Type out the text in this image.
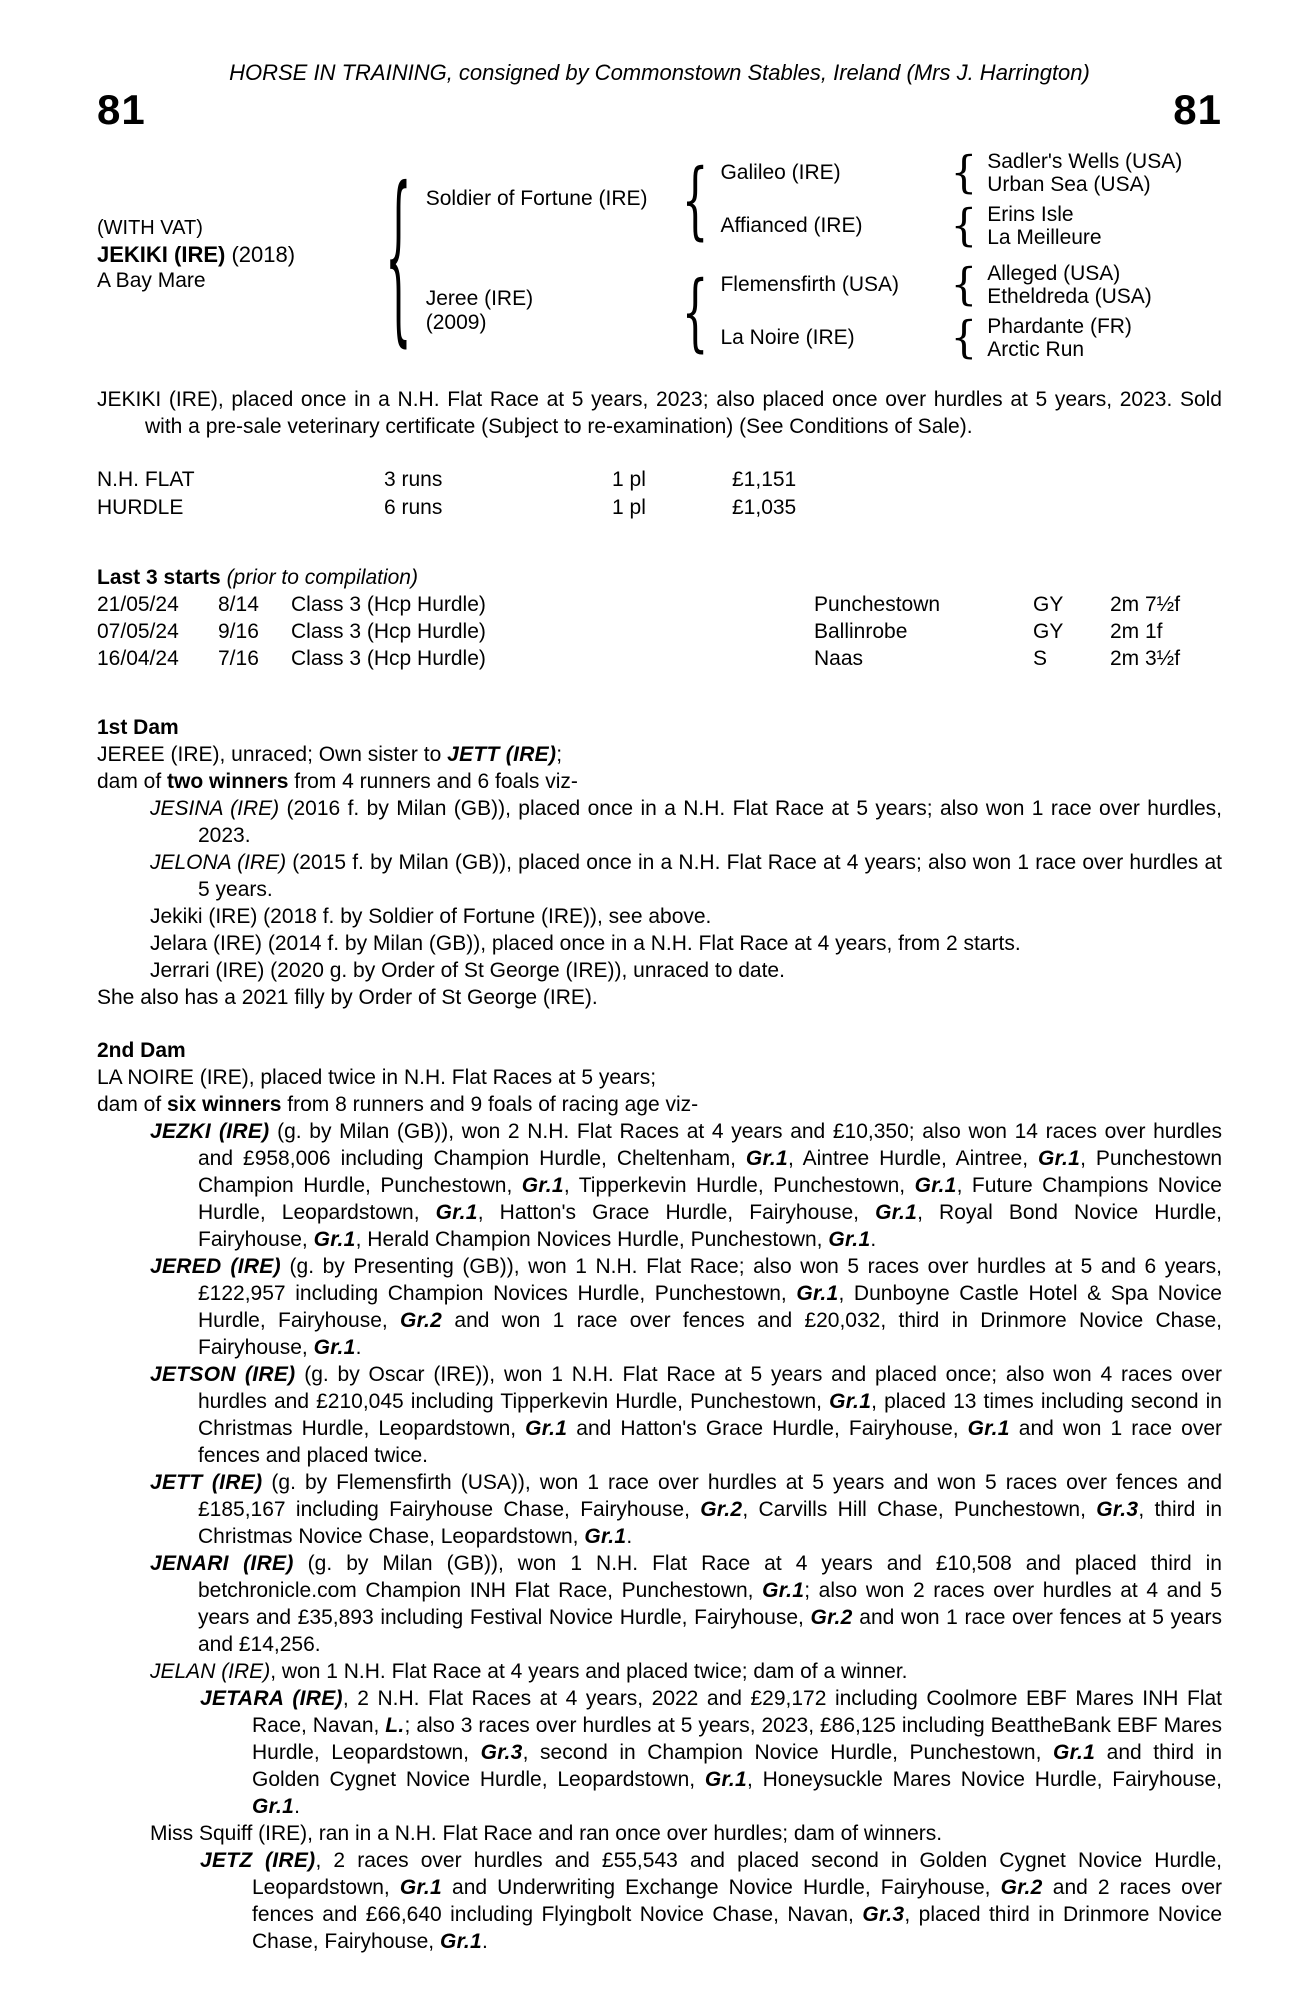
HORSE IN TRAINING, consigned by Commonstown Stables, Ireland (Mrs J. Harrington)
81	81
(WITH VAT)
JEKIKI (IRE) (2018)
A Bay Mare	{ Soldier of Fortune (IRE) { Galileo (IRE)	{ Sadler's Wells (USA)
Urban Sea (USA)
Affianced (IRE)	{ Erins Isle
La Meilleure
Jeree (IRE)
(2009)	{ Flemensfirth (USA)	{ Alleged (USA)
Etheldreda (USA)
La Noire (IRE)	{ Phardante (FR)
Arctic Run

JEKIKI (IRE), placed once in a N.H. Flat Race at 5 years, 2023; also placed once over hurdles at 5 years, 2023. Sold with a pre-sale veterinary certificate (Subject to re-examination) (See Conditions of Sale).

N.H. FLAT	3 runs	1 pl	£1,151
HURDLE	6 runs	1 pl	£1,035
Last 3 starts (prior to compilation)
21/05/24	8/14	Class 3 (Hcp Hurdle)	Punchestown	GY	2m 7½f
07/05/24	9/16	Class 3 (Hcp Hurdle)	Ballinrobe	GY	2m 1f
16/04/24	7/16	Class 3 (Hcp Hurdle)	Naas	S	2m 3½f
1st Dam

JEREE (IRE), unraced; Own sister to JETT (IRE);

dam of two winners from 4 runners and 6 foals viz-

JESINA (IRE) (2016 f. by Milan (GB)), placed once in a N.H. Flat Race at 5 years; also won 1 race over hurdles, 2023.

JELONA (IRE) (2015 f. by Milan (GB)), placed once in a N.H. Flat Race at 4 years; also won 1 race over hurdles at 5 years.

Jekiki (IRE) (2018 f. by Soldier of Fortune (IRE)), see above.

Jelara (IRE) (2014 f. by Milan (GB)), placed once in a N.H. Flat Race at 4 years, from 2 starts.

Jerrari (IRE) (2020 g. by Order of St George (IRE)), unraced to date.

She also has a 2021 filly by Order of St George (IRE).

2nd Dam

LA NOIRE (IRE), placed twice in N.H. Flat Races at 5 years;

dam of six winners from 8 runners and 9 foals of racing age viz-

JEZKI (IRE) (g. by Milan (GB)), won 2 N.H. Flat Races at 4 years and £10,350; also won 14 races over hurdles and £958,006 including Champion Hurdle, Cheltenham, Gr.1, Aintree Hurdle, Aintree, Gr.1, Punchestown Champion Hurdle, Punchestown, Gr.1, Tipperkevin Hurdle, Punchestown, Gr.1, Future Champions Novice Hurdle, Leopardstown, Gr.1, Hatton's Grace Hurdle, Fairyhouse, Gr.1, Royal Bond Novice Hurdle, Fairyhouse, Gr.1, Herald Champion Novices Hurdle, Punchestown, Gr.1.

JERED (IRE) (g. by Presenting (GB)), won 1 N.H. Flat Race; also won 5 races over hurdles at 5 and 6 years, £122,957 including Champion Novices Hurdle, Punchestown, Gr.1, Dunboyne Castle Hotel & Spa Novice Hurdle, Fairyhouse, Gr.2 and won 1 race over fences and £20,032, third in Drinmore Novice Chase, Fairyhouse, Gr.1.

JETSON (IRE) (g. by Oscar (IRE)), won 1 N.H. Flat Race at 5 years and placed once; also won 4 races over hurdles and £210,045 including Tipperkevin Hurdle, Punchestown, Gr.1, placed 13 times including second in Christmas Hurdle, Leopardstown, Gr.1 and Hatton's Grace Hurdle, Fairyhouse, Gr.1 and won 1 race over fences and placed twice.

JETT (IRE) (g. by Flemensfirth (USA)), won 1 race over hurdles at 5 years and won 5 races over fences and £185,167 including Fairyhouse Chase, Fairyhouse, Gr.2, Carvills Hill Chase, Punchestown, Gr.3, third in Christmas Novice Chase, Leopardstown, Gr.1.

JENARI (IRE) (g. by Milan (GB)), won 1 N.H. Flat Race at 4 years and £10,508 and placed third in betchronicle.com Champion INH Flat Race, Punchestown, Gr.1; also won 2 races over hurdles at 4 and 5 years and £35,893 including Festival Novice Hurdle, Fairyhouse, Gr.2 and won 1 race over fences at 5 years and £14,256.

JELAN (IRE), won 1 N.H. Flat Race at 4 years and placed twice; dam of a winner.

JETARA (IRE), 2 N.H. Flat Races at 4 years, 2022 and £29,172 including Coolmore EBF Mares INH Flat Race, Navan, L.; also 3 races over hurdles at 5 years, 2023, £86,125 including BeattheBank EBF Mares Hurdle, Leopardstown, Gr.3, second in Champion Novice Hurdle, Punchestown, Gr.1 and third in Golden Cygnet Novice Hurdle, Leopardstown, Gr.1, Honeysuckle Mares Novice Hurdle, Fairyhouse, Gr.1.

Miss Squiff (IRE), ran in a N.H. Flat Race and ran once over hurdles; dam of winners.

JETZ (IRE), 2 races over hurdles and £55,543 and placed second in Golden Cygnet Novice Hurdle, Leopardstown, Gr.1 and Underwriting Exchange Novice Hurdle, Fairyhouse, Gr.2 and 2 races over fences and £66,640 including Flyingbolt Novice Chase, Navan, Gr.3, placed third in Drinmore Novice Chase, Fairyhouse, Gr.1.
